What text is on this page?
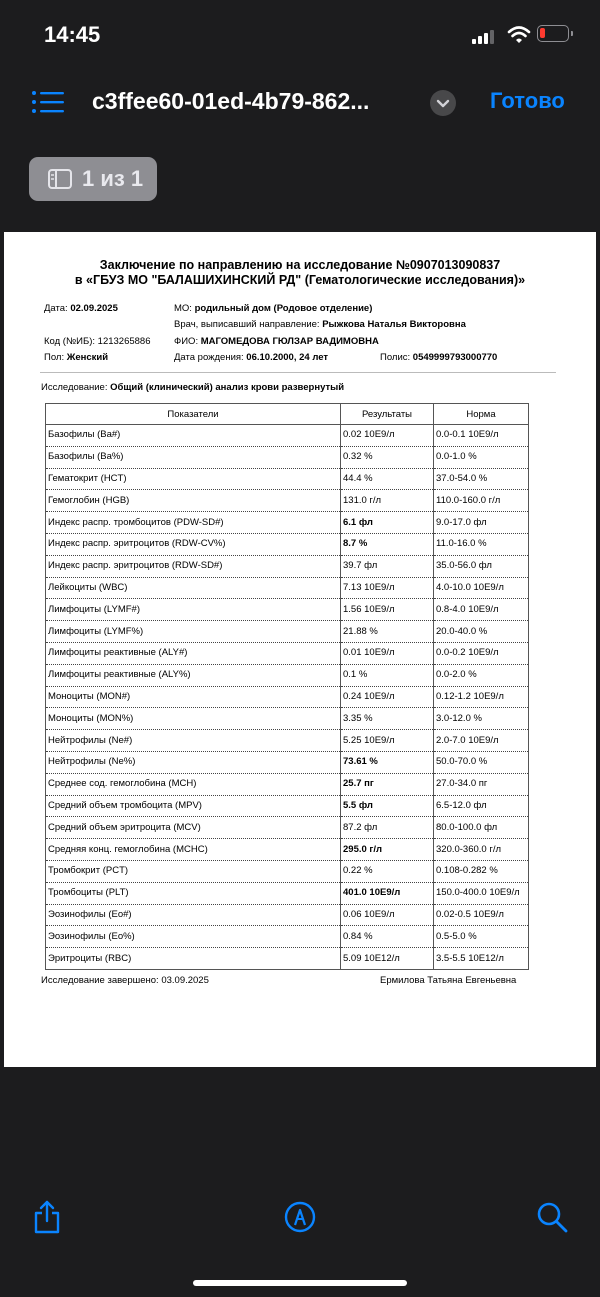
14:45
c3ffee60-01ed-4b79-862...	Готово
1 из 1
Заключение по направлению на исследование №0907013090837
в «ГБУЗ МО "БАЛАШИХИНСКИЙ РД" (Гематологические исследования)»
Дата: 02.09.2025	МО: родильный дом (Родовое отделение)
Врач, выписавший направление: Рыжкова Наталья Викторовна
Код (№ИБ): 1213265886 ФИО: МАГОМЕДОВА ГЮЛЗАР ВАДИМОВНА
Пол: Женский	Дата рождения: 06.10.2000, 24 лет	Полис: 0549999793000770
Исследование: Общий (клинический) анализ крови развернутый
Показатели	Результаты	Норма
Базофилы (Ba#)	0.02 10E9/л	0.0-0.1 10E9/л
Базофилы (Ba%)	0.32 %	0.0-1.0 %
Гематокрит (HCT)	44.4 %	37.0-54.0 %
Гемоглобин (HGB)	131.0 г/л	110.0-160.0 г/л
Индекс распр. тромбоцитов (PDW-SD#)	6.1 фл	9.0-17.0 фл
Индекс распр. эритроцитов (RDW-CV%)	8.7 %	11.0-16.0 %
Индекс распр. эритроцитов (RDW-SD#)	39.7 фл	35.0-56.0 фл
Лейкоциты (WBC)	7.13 10E9/л	4.0-10.0 10E9/л
Лимфоциты (LYMF#)	1.56 10E9/л	0.8-4.0 10E9/л
Лимфоциты (LYMF%)	21.88 %	20.0-40.0 %
Лимфоциты реактивные (ALY#)	0.01 10E9/л	0.0-0.2 10E9/л
Лимфоциты реактивные (ALY%)	0.1 %	0.0-2.0 %
Моноциты (MON#)	0.24 10E9/л	0.12-1.2 10E9/л
Моноциты (MON%)	3.35 %	3.0-12.0 %
Нейтрофилы (Ne#)	5.25 10E9/л	2.0-7.0 10E9/л
Нейтрофилы (Ne%)	73.61 %	50.0-70.0 %
Среднее сод. гемоглобина (MCH)	25.7 пг	27.0-34.0 пг
Средний объем тромбоцита (MPV)	5.5 фл	6.5-12.0 фл
Средний объем эритроцита (MCV)	87.2 фл	80.0-100.0 фл
Средняя конц. гемоглобина (MCHC)	295.0 г/л	320.0-360.0 г/л
Тромбокрит (PCT)	0.22 %	0.108-0.282 %
Тромбоциты (PLT)	401.0 10E9/л	150.0-400.0 10E9/л
Эозинофилы (Eo#)	0.06 10E9/л	0.02-0.5 10E9/л
Эозинофилы (Eo%)	0.84 %	0.5-5.0 %
Эритроциты (RBC)	5.09 10E12/л	3.5-5.5 10E12/л
Исследование завершено: 03.09.2025	Ермилова Татьяна Евгеньевна
